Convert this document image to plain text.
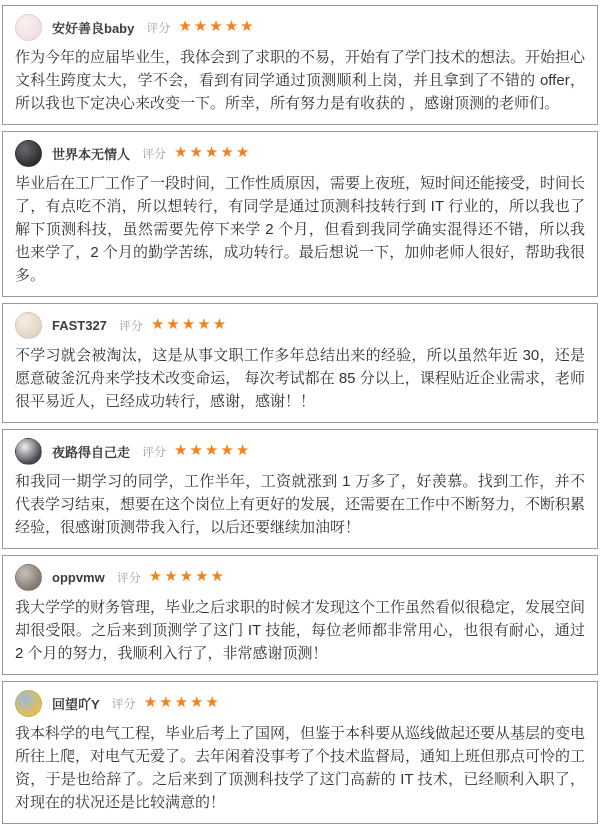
安好善良baby 评分 ★★★★★

作为今年的应届毕业生，我体会到了求职的不易，开始有了学门技术的想法。开始担心文科生跨度太大，学不会，看到有同学通过顶测顺利上岗，并且拿到了不错的 offer，所以我也下定决心来改变一下。所幸，所有努力是有收获的 ，感谢顶测的老师们。

世界本无情人 评分 ★★★★★

毕业后在工厂工作了一段时间，工作性质原因，需要上夜班，短时间还能接受，时间长了，有点吃不消，所以想转行，有同学是通过顶测科技转行到 IT 行业的，所以我也了解下顶测科技，虽然需要先停下来学 2 个月，但看到我同学确实混得还不错，所以我也来学了，2 个月的勤学苦练，成功转行。最后想说一下，加帅老师人很好，帮助我很多。

FAST327 评分 ★★★★★

不学习就会被淘汰，这是从事文职工作多年总结出来的经验，所以虽然年近 30，还是愿意破釜沉舟来学技术改变命运， 每次考试都在 85 分以上，课程贴近企业需求，老师很平易近人，已经成功转行，感谢，感谢！！

夜路得自己走 评分 ★★★★★

和我同一期学习的同学，工作半年，工资就涨到 1 万多了，好羡慕。找到工作，并不代表学习结束，想要在这个岗位上有更好的发展，还需要在工作中不断努力，不断积累经验，很感谢顶测带我入行，以后还要继续加油呀！

oppvmw 评分 ★★★★★

我大学学的财务管理，毕业之后求职的时候才发现这个工作虽然看似很稳定，发展空间却很受限。之后来到顶测学了这门 IT 技能，每位老师都非常用心，也很有耐心，通过 2 个月的努力，我顺利入行了，非常感谢顶测！

回望吖Y 评分 ★★★★★

我本科学的电气工程，毕业后考上了国网，但鉴于本科要从巡线做起还要从基层的变电所往上爬，对电气无爱了。去年闲着没事考了个技术监督局，通知上班但那点可怜的工资，于是也给辞了。之后来到了顶测科技学了这门高薪的 IT 技术，已经顺利入职了，对现在的状况还是比较满意的！
